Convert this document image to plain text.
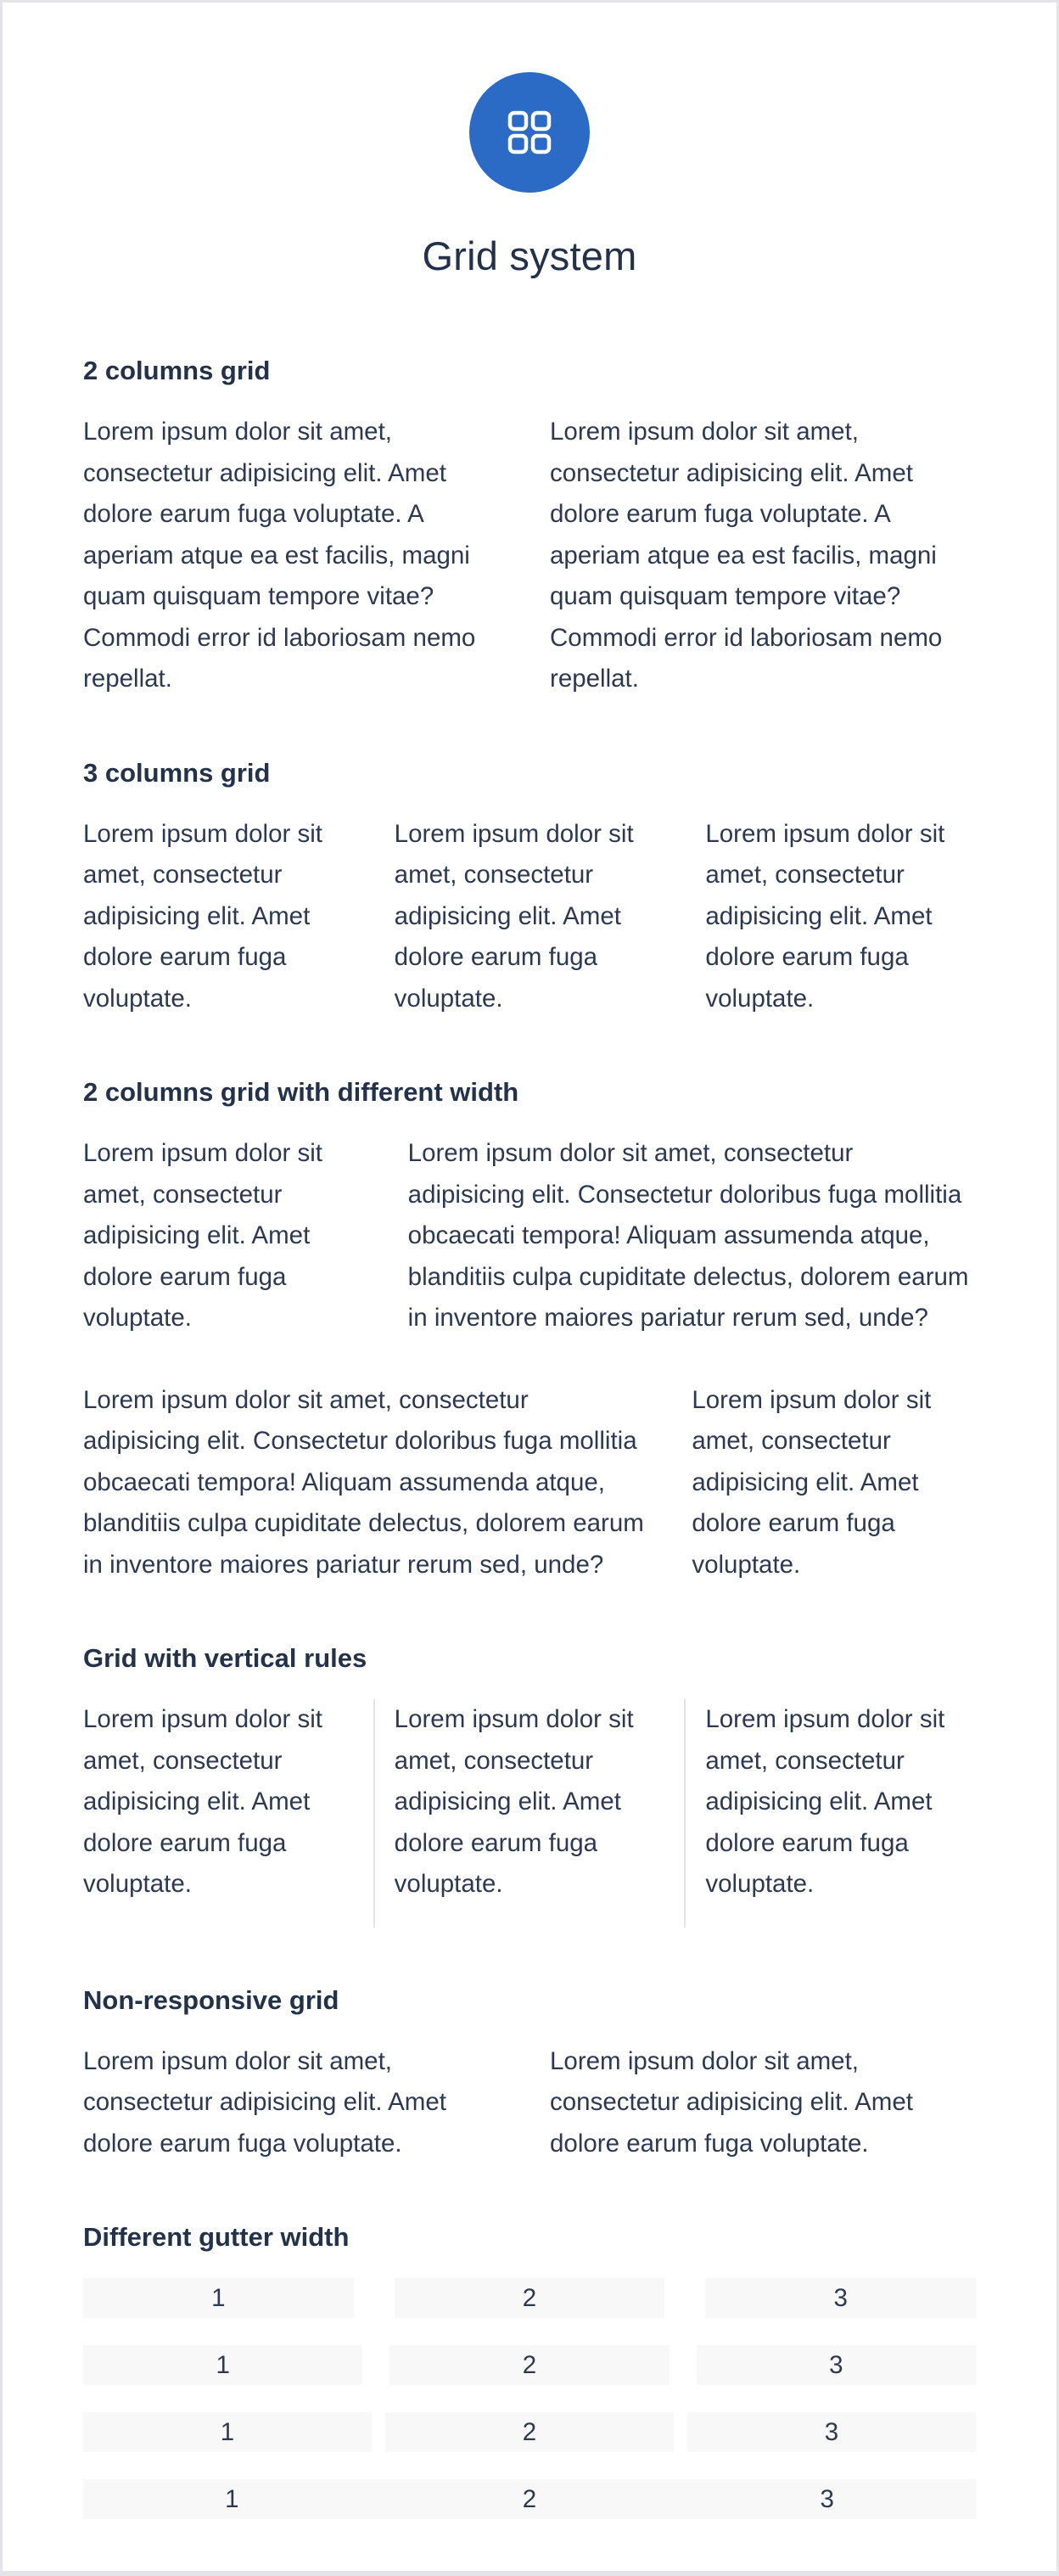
Grid system
2 columns grid

Lorem ipsum dolor sit amet, consectetur adipisicing elit. Amet dolore earum fuga voluptate. A aperiam atque ea est facilis, magni quam quisquam tempore vitae? Commodi error id laboriosam nemo repellat.

Lorem ipsum dolor sit amet, consectetur adipisicing elit. Amet dolore earum fuga voluptate. A aperiam atque ea est facilis, magni quam quisquam tempore vitae? Commodi error id laboriosam nemo repellat.

3 columns grid

Lorem ipsum dolor sit amet, consectetur adipisicing elit. Amet dolore earum fuga voluptate.

Lorem ipsum dolor sit amet, consectetur adipisicing elit. Amet dolore earum fuga voluptate.

Lorem ipsum dolor sit amet, consectetur adipisicing elit. Amet dolore earum fuga voluptate.

2 columns grid with different width

Lorem ipsum dolor sit amet, consectetur adipisicing elit. Amet dolore earum fuga voluptate.

Lorem ipsum dolor sit amet, consectetur adipisicing elit. Consectetur doloribus fuga mollitia obcaecati tempora! Aliquam assumenda atque, blanditiis culpa cupiditate delectus, dolorem earum in inventore maiores pariatur rerum sed, unde?

Lorem ipsum dolor sit amet, consectetur adipisicing elit. Consectetur doloribus fuga mollitia obcaecati tempora! Aliquam assumenda atque, blanditiis culpa cupiditate delectus, dolorem earum in inventore maiores pariatur rerum sed, unde?

Lorem ipsum dolor sit amet, consectetur adipisicing elit. Amet dolore earum fuga voluptate.

Grid with vertical rules

Lorem ipsum dolor sit amet, consectetur adipisicing elit. Amet dolore earum fuga voluptate.

Lorem ipsum dolor sit amet, consectetur adipisicing elit. Amet dolore earum fuga voluptate.

Lorem ipsum dolor sit amet, consectetur adipisicing elit. Amet dolore earum fuga voluptate.

Non-responsive grid

Lorem ipsum dolor sit amet, consectetur adipisicing elit. Amet dolore earum fuga voluptate.

Lorem ipsum dolor sit amet, consectetur adipisicing elit. Amet dolore earum fuga voluptate.

Different gutter width
1	2	3
1	2	3
1	2	3
1	2	3
